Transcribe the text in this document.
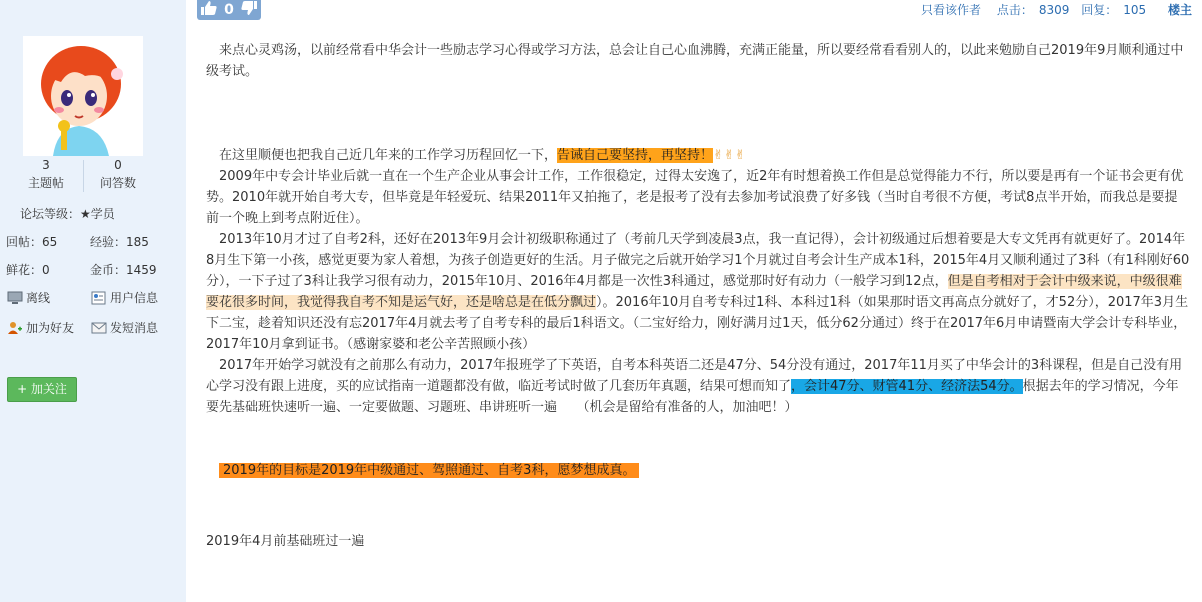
3
主题帖
0
问答数
论坛等级：★学员
回帖：65	经验：185
鲜花：0	金币：1459
离线	用户信息
加为好友	发短消息
+ 加关注
0	只看该作者 点击： 8309 回复： 105 楼主

来点心灵鸡汤，以前经常看中华会计一些励志学习心得或学习方法，总会让自己心血沸腾，充满正能量，所以要经常看看别人的，以此来勉励自己2019年9月顺利通过中级考试。

在这里顺便也把我自己近几年来的工作学习历程回忆一下，告诫自己要坚持，再坚持！✌✌✌

2009年中专会计毕业后就一直在一个生产企业从事会计工作，工作很稳定，过得太安逸了，近2年有时想着换工作但是总觉得能力不行，所以要是再有一个证书会更有优势。2010年就开始自考大专，但毕竟是年轻爱玩、结果2011年又拍拖了，老是报考了没有去参加考试浪费了好多钱（当时自考很不方便，考试8点半开始，而我总是要提前一个晚上到考点附近住）。

2013年10月才过了自考2科，还好在2013年9月会计初级职称通过了（考前几天学到凌晨3点，我一直记得），会计初级通过后想着要是大专文凭再有就更好了。2014年8月生下第一小孩，感觉更要为家人着想，为孩子创造更好的生活。月子做完之后就开始学习1个月就过自考会计生产成本1科，2015年4月又顺利通过了3科（有1科刚好60分），一下子过了3科让我学习很有动力，2015年10月、2016年4月都是一次性3科通过，感觉那时好有动力（一般学习到12点，但是自考相对于会计中级来说，中级很难要花很多时间，我觉得我自考不知是运气好，还是啥总是在低分飘过）。2016年10月自考专科过1科、本科过1科（如果那时语文再高点分就好了，才52分），2017年3月生下二宝，趁着知识还没有忘2017年4月就去考了自考专科的最后1科语文。（二宝好给力，刚好满月过1天，低分62分通过）终于在2017年6月申请暨南大学会计专科毕业，2017年10月拿到证书。（感谢家婆和老公辛苦照顾小孩）

2017年开始学习就没有之前那么有动力，2017年报班学了下英语，自考本科英语二还是47分、54分没有通过，2017年11月买了中华会计的3科课程，但是自己没有用心学习没有跟上进度，买的应试指南一道题都没有做，临近考试时做了几套历年真题，结果可想而知了，会计47分、财管41分、经济法54分。根据去年的学习情况，今年要先基础班快速听一遍、一定要做题、习题班、串讲班听一遍　　（机会是留给有准备的人，加油吧！）

2019年的目标是2019年中级通过、驾照通过、自考3科，愿梦想成真。

2019年4月前基础班过一遍
